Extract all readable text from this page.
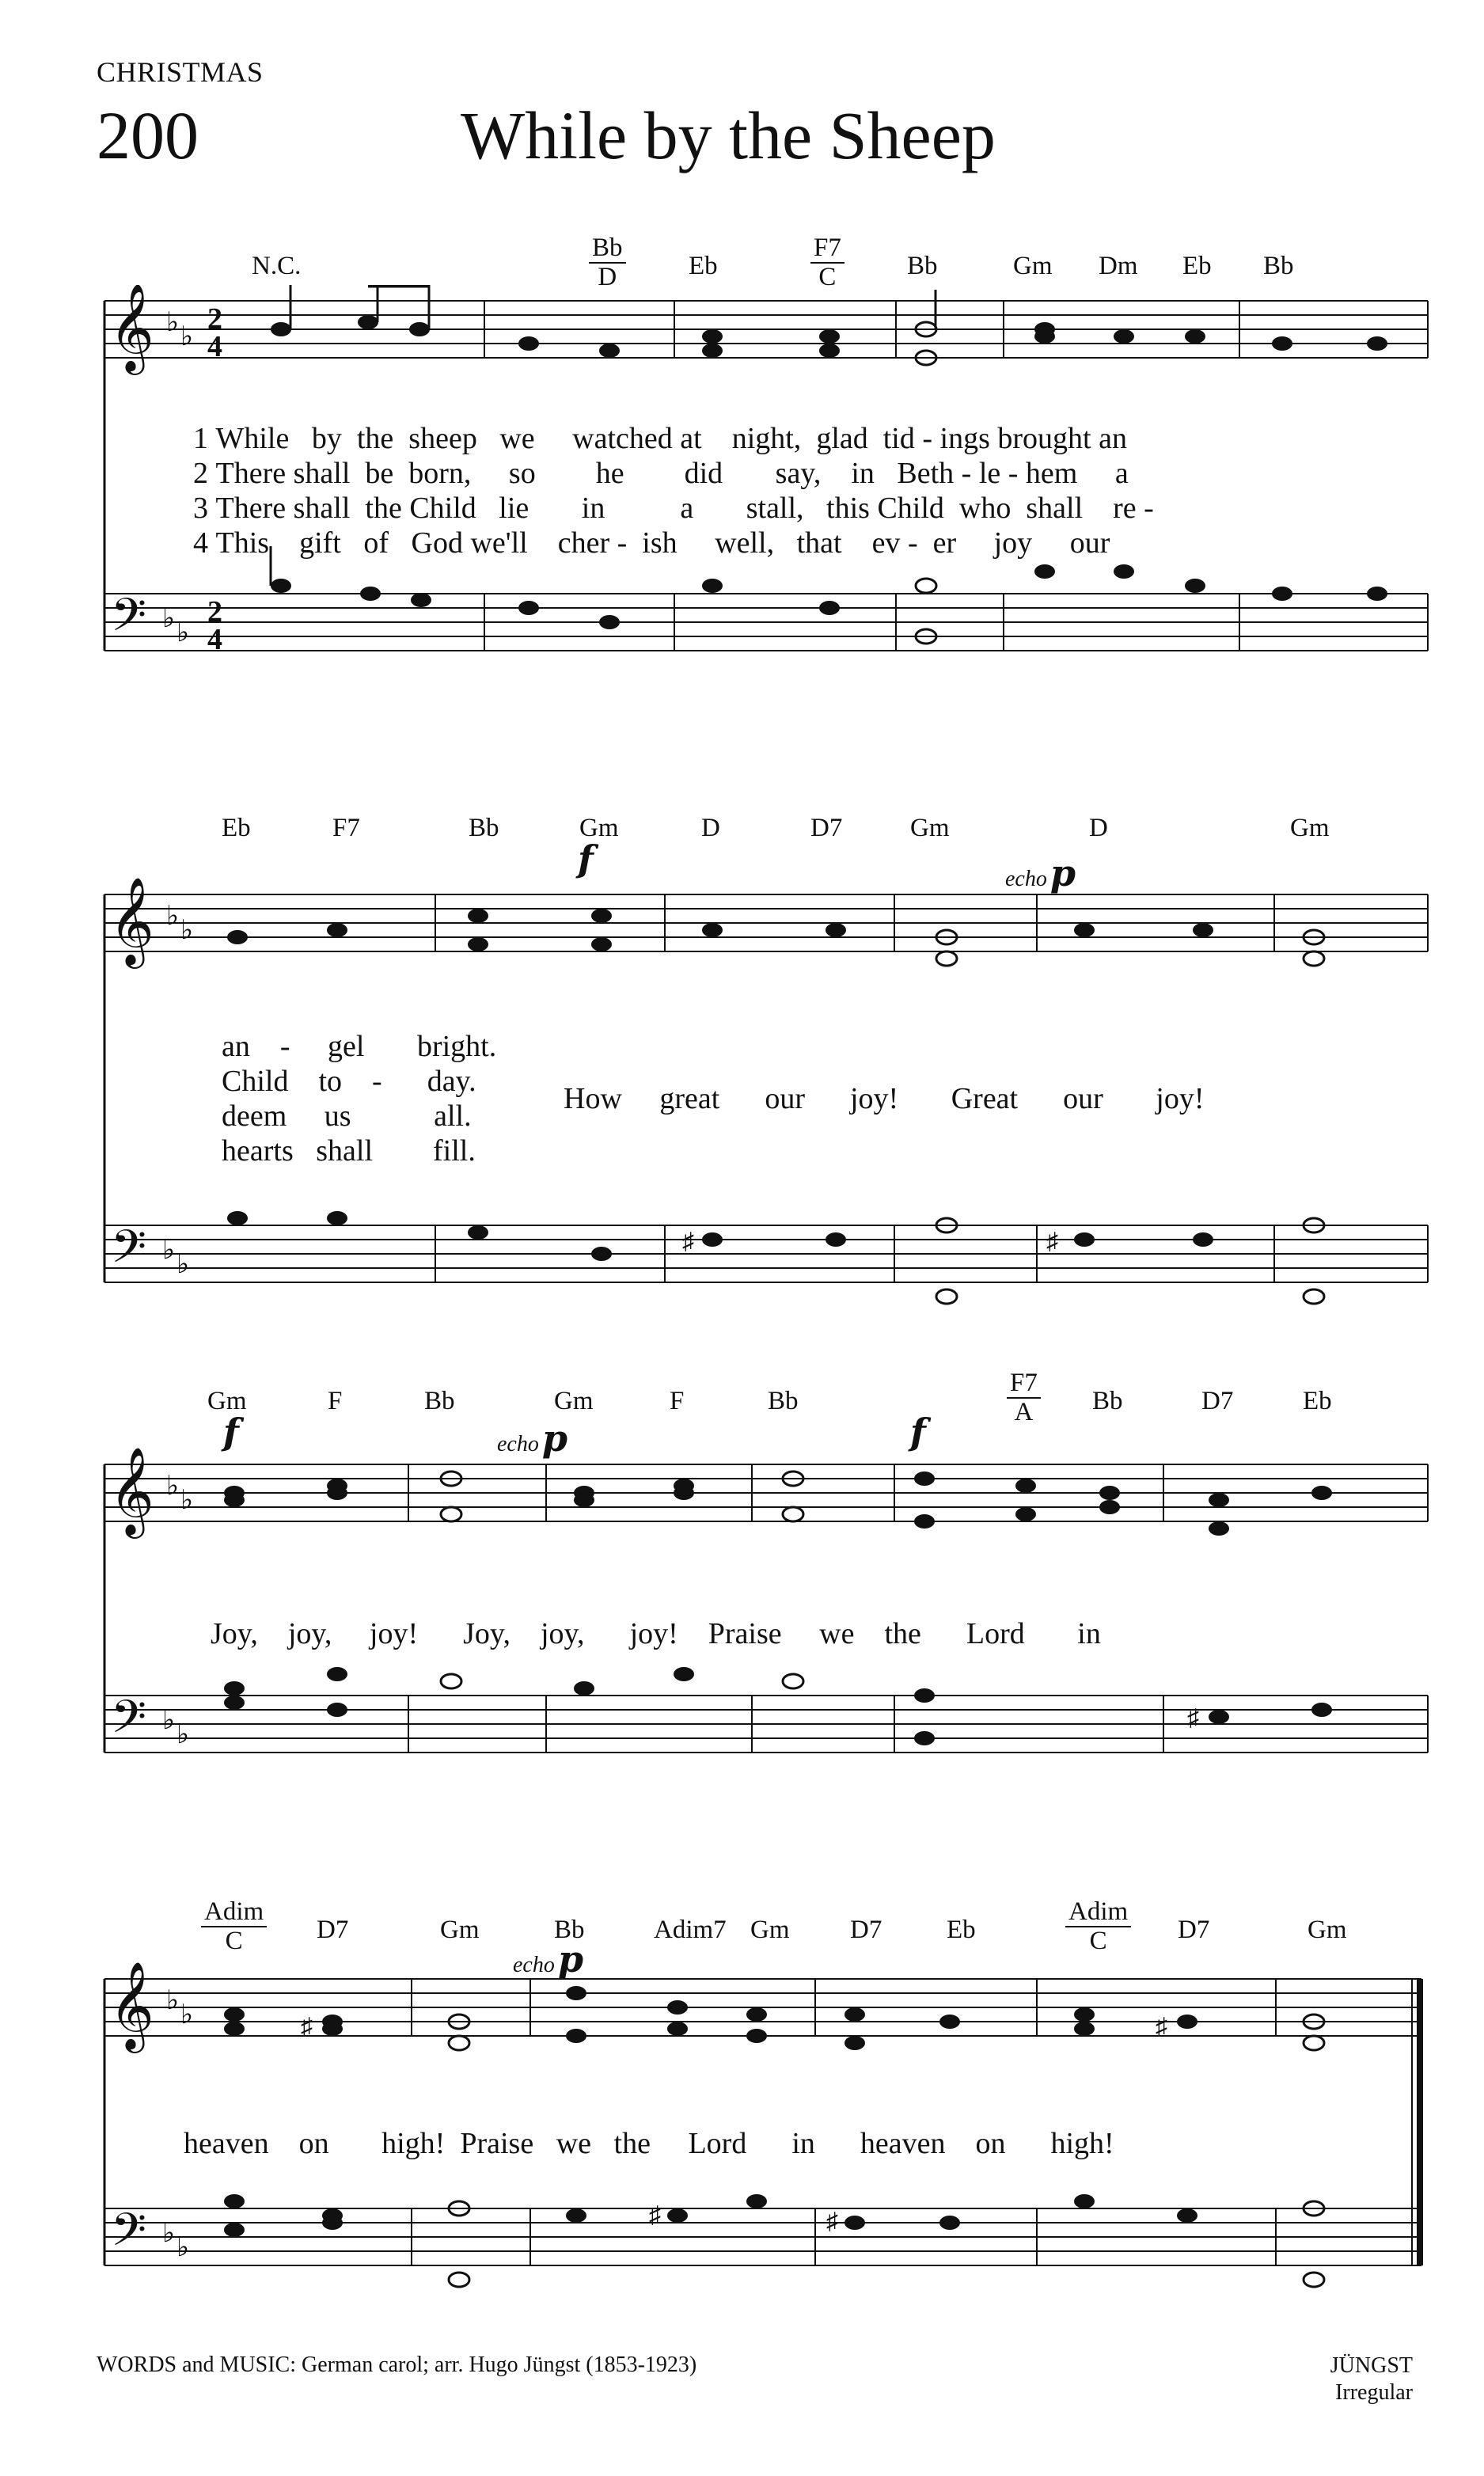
CHRISTMAS
200	While by the Sheep
N.C.	$\frac{Bb}{D}$ Eb	$\frac{F7}{C}$ Bb	Gm Dm Eb Bb
𝄞
𝄢
♭ ♭
♭ ♭
2
4
2
4
1 While by the sheep we watched at night, glad tid - ings brought an
2 There shall be born, so he did say, in Beth - le - hem a
3 There shall the Child lie in	a stall, this Child who shall re -
4 This gift of God we'll cher - ish well, that ev - er joy our
Eb	F7	Bb	Gm	D	D7	Gm	D	Gm
f	echo p
𝄞
𝄢
♭ ♭
♭ ♭
♯	♯
an - gel bright.
Child to - day.
deem us	all.
hearts shall fill.
How great our joy! Great our joy!
Gm	F	Bb	Gm	F	Bb	$\frac{F7}{A}$ Bb	D7	Eb
f	echo p	f
𝄞
𝄢
♭ ♭
♭ ♭
♯
Joy, joy, joy! Joy, joy, joy! Praise we the Lord in
Adim
C	D7	Gm	Bb	Adim7 Gm D7 Eb
Adim
C	D7	Gm
echo p
𝄞
𝄢
♭ ♭
♭ ♭
♯	♯
♯	♯
heaven on high! Praise we the Lord in heaven on high!
WORDS and MUSIC: German carol; arr. Hugo Jüngst (1853-1923)	JÜNGST
Irregular
